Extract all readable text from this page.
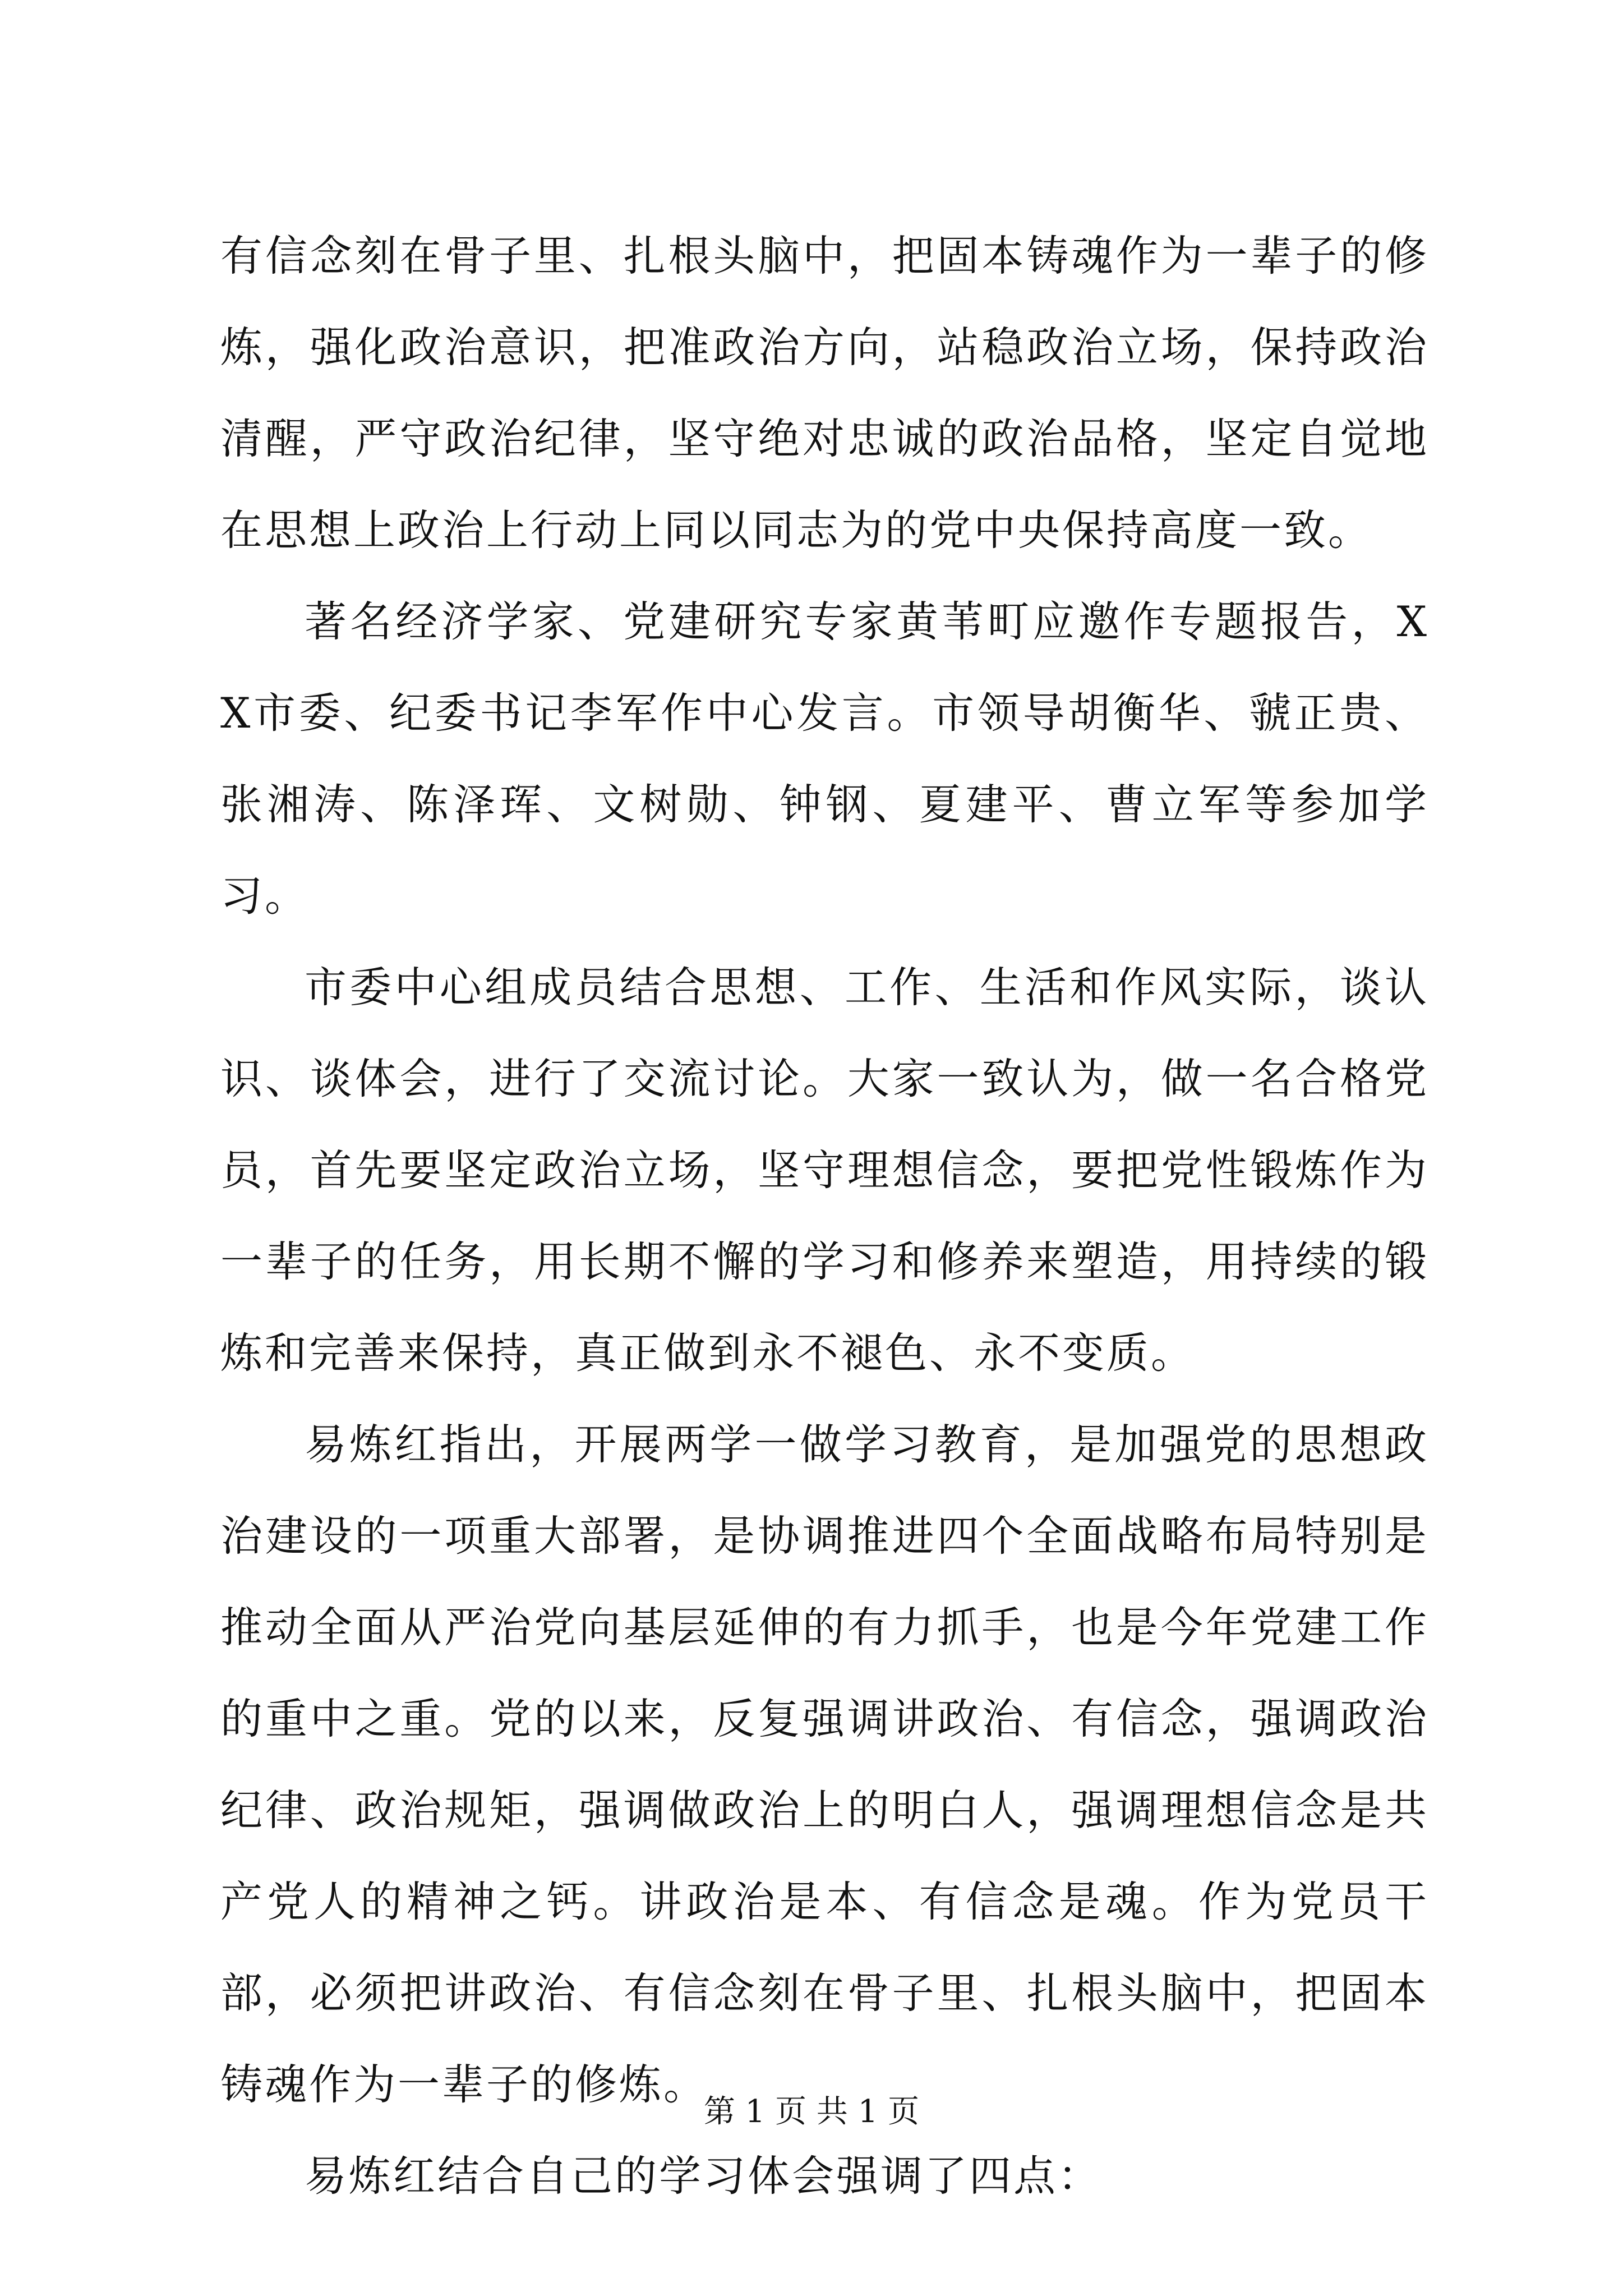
有信念刻在骨子里、扎根头脑中，把固本铸魂作为一辈子的修炼，强化政治意识，把准政治方向，站稳政治立场，保持政治清醒，严守政治纪律，坚守绝对忠诚的政治品格，坚定自觉地在思想上政治上行动上同以同志为的党中央保持高度一致。

著名经济学家、党建研究专家黄苇町应邀作专题报告，XX市委、纪委书记李军作中心发言。市领导胡衡华、虢正贵、张湘涛、陈泽珲、文树勋、钟钢、夏建平、曹立军等参加学习。

市委中心组成员结合思想、工作、生活和作风实际，谈认识、谈体会，进行了交流讨论。大家一致认为，做一名合格党员，首先要坚定政治立场，坚守理想信念，要把党性锻炼作为一辈子的任务，用长期不懈的学习和修养来塑造，用持续的锻炼和完善来保持，真正做到永不褪色、永不变质。

易炼红指出，开展两学一做学习教育，是加强党的思想政治建设的一项重大部署，是协调推进四个全面战略布局特别是推动全面从严治党向基层延伸的有力抓手，也是今年党建工作的重中之重。党的以来，反复强调讲政治、有信念，强调政治纪律、政治规矩，强调做政治上的明白人，强调理想信念是共产党人的精神之钙。讲政治是本、有信念是魂。作为党员干部，必须把讲政治、有信念刻在骨子里、扎根头脑中，把固本铸魂作为一辈子的修炼。

易炼红结合自己的学习体会强调了四点：

第 1 页 共 1 页
